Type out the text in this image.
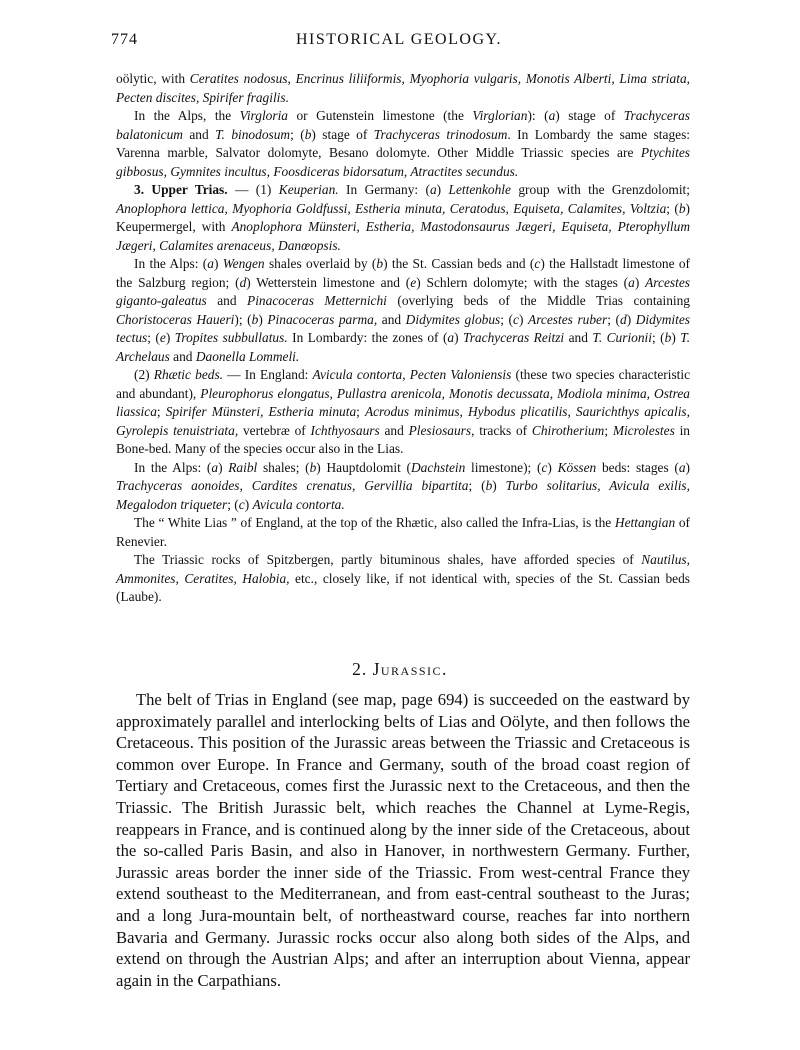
774	HISTORICAL GEOLOGY.

oölytic, with Ceratites nodosus, Encrinus liliiformis, Myophoria vulgaris, Monotis Alberti, Lima striata, Pecten discites, Spirifer fragilis.

In the Alps, the Virgloria or Gutenstein limestone (the Virglorian): (a) stage of Trachyceras balatonicum and T. binodosum; (b) stage of Trachyceras trinodosum. In Lombardy the same stages: Varenna marble, Salvator dolomyte, Besano dolomyte. Other Middle Triassic species are Ptychites gibbosus, Gymnites incultus, Foosdiceras bidorsatum, Atractites secundus.

3. Upper Trias. — (1) Keuperian. In Germany: (a) Lettenkohle group with the Grenzdolomit; Anoplophora lettica, Myophoria Goldfussi, Estheria minuta, Ceratodus, Equiseta, Calamites, Voltzia; (b) Keupermergel, with Anoplophora Münsteri, Estheria, Mastodonsaurus Jægeri, Equiseta, Pterophyllum Jægeri, Calamites arenaceus, Danœopsis.

In the Alps: (a) Wengen shales overlaid by (b) the St. Cassian beds and (c) the Hallstadt limestone of the Salzburg region; (d) Wetterstein limestone and (e) Schlern dolomyte; with the stages (a) Arcestes giganto-galeatus and Pinacoceras Metternichi (overlying beds of the Middle Trias containing Choristoceras Haueri); (b) Pinacoceras parma, and Didymites globus; (c) Arcestes ruber; (d) Didymites tectus; (e) Tropites subbullatus. In Lombardy: the zones of (a) Trachyceras Reitzi and T. Curionii; (b) T. Archelaus and Daonella Lommeli.

(2) Rhætic beds. — In England: Avicula contorta, Pecten Valoniensis (these two species characteristic and abundant), Pleurophorus elongatus, Pullastra arenicola, Monotis decussata, Modiola minima, Ostrea liassica; Spirifer Münsteri, Estheria minuta; Acrodus minimus, Hybodus plicatilis, Saurichthys apicalis, Gyrolepis tenuistriata, vertebræ of Ichthyosaurs and Plesiosaurs, tracks of Chirotherium; Microlestes in Bone-bed. Many of the species occur also in the Lias.

In the Alps: (a) Raibl shales; (b) Hauptdolomit (Dachstein limestone); (c) Kössen beds: stages (a) Trachyceras aonoides, Cardites crenatus, Gervillia bipartita; (b) Turbo solitarius, Avicula exilis, Megalodon triqueter; (c) Avicula contorta.

The “ White Lias ” of England, at the top of the Rhætic, also called the Infra-Lias, is the Hettangian of Renevier.

The Triassic rocks of Spitzbergen, partly bituminous shales, have afforded species of Nautilus, Ammonites, Ceratites, Halobia, etc., closely like, if not identical with, species of the St. Cassian beds (Laube).

2. Jurassic.

The belt of Trias in England (see map, page 694) is succeeded on the eastward by approximately parallel and interlocking belts of Lias and Oölyte, and then follows the Cretaceous. This position of the Jurassic areas between the Triassic and Cretaceous is common over Europe. In France and Germany, south of the broad coast region of Tertiary and Cretaceous, comes first the Jurassic next to the Cretaceous, and then the Triassic. The British Jurassic belt, which reaches the Channel at Lyme-Regis, reappears in France, and is continued along by the inner side of the Cretaceous, about the so-called Paris Basin, and also in Hanover, in northwestern Germany. Further, Jurassic areas border the inner side of the Triassic. From west-central France they extend southeast to the Mediterranean, and from east-central southeast to the Juras; and a long Jura-mountain belt, of northeastward course, reaches far into northern Bavaria and Germany. Jurassic rocks occur also along both sides of the Alps, and extend on through the Austrian Alps; and after an interruption about Vienna, appear again in the Carpathians.
